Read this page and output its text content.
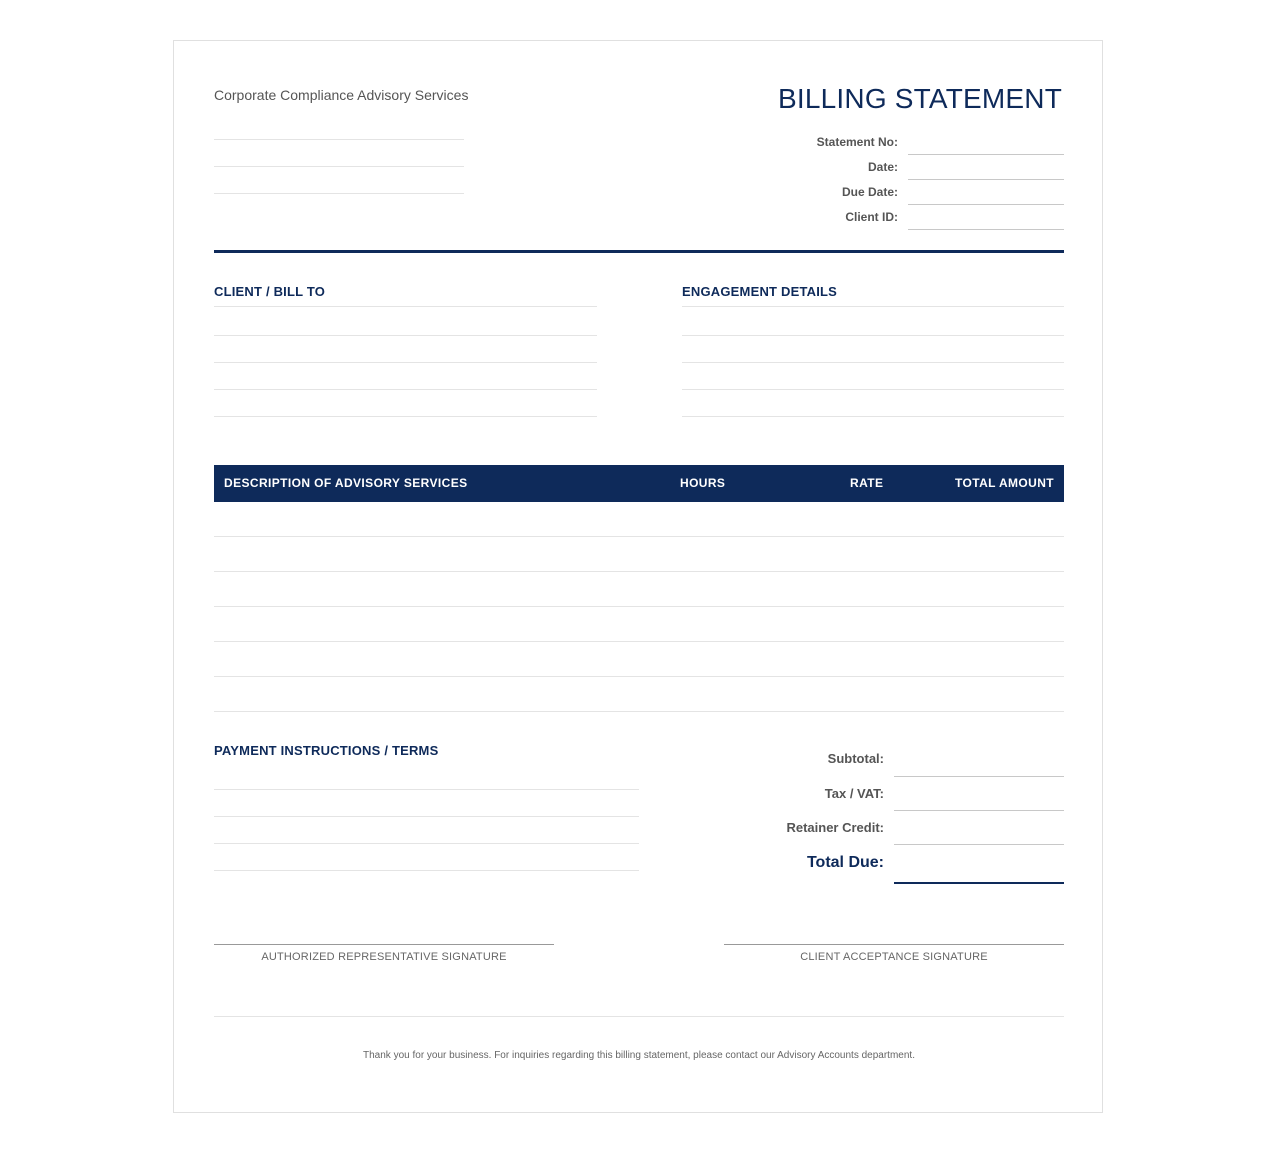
Corporate Compliance Advisory Services	BILLING STATEMENT
Statement No:
Date:
Due Date:
Client ID:
CLIENT / BILL TO	ENGAGEMENT DETAILS
DESCRIPTION OF ADVISORY SERVICES	HOURS	RATE	TOTAL AMOUNT
PAYMENT INSTRUCTIONS / TERMS
Subtotal:
Tax / VAT:
Retainer Credit:
Total Due:
AUTHORIZED REPRESENTATIVE SIGNATURE	CLIENT ACCEPTANCE SIGNATURE
Thank you for your business. For inquiries regarding this billing statement, please contact our Advisory Accounts department.
